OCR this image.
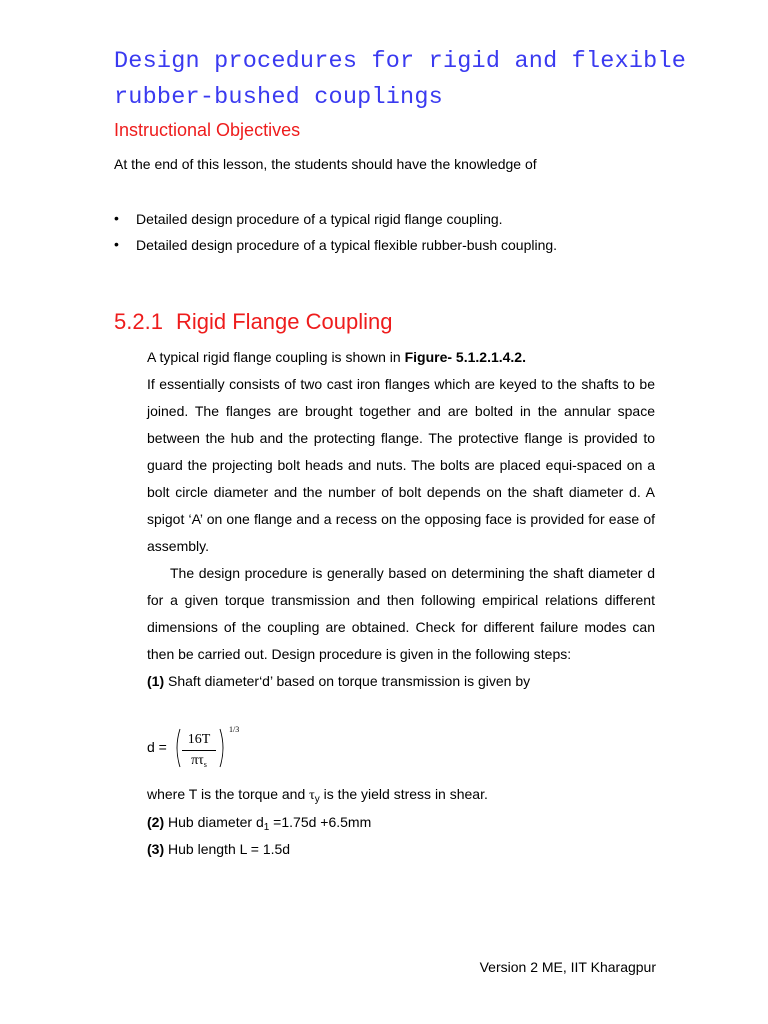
Design procedures for rigid and flexible
rubber-bushed couplings
Instructional Objectives
At the end of this lesson, the students should have the knowledge of
• Detailed design procedure of a typical rigid flange coupling.
• Detailed design procedure of a typical flexible rubber-bush coupling.
5.2.1 Rigid Flange Coupling

A typical rigid flange coupling is shown in Figure- 5.1.2.1.4.2.

If essentially consists of two cast iron flanges which are keyed to the shafts to be joined. The flanges are brought together and are bolted in the annular space between the hub and the protecting flange. The protective flange is provided to guard the projecting bolt heads and nuts. The bolts are placed equi-spaced on a bolt circle diameter and the number of bolt depends on the shaft diameter d. A spigot ‘A’ on one flange and a recess on the opposing face is provided for ease of assembly.

The design procedure is generally based on determining the shaft diameter d for a given torque transmission and then following empirical relations different dimensions of the coupling are obtained. Check for different failure modes can then be carried out. Design procedure is given in the following steps:

(1) Shaft diameter‘d’ based on torque transmission is given by

d =	16T
$\pi\tau_s$
1/3

where T is the torque and $\tau_y$ is the yield stress in shear.

(2) Hub diameter $d_1 =1.75d +6.5mm$

(3) Hub length L = 1.5d

Version 2 ME, IIT Kharagpur
